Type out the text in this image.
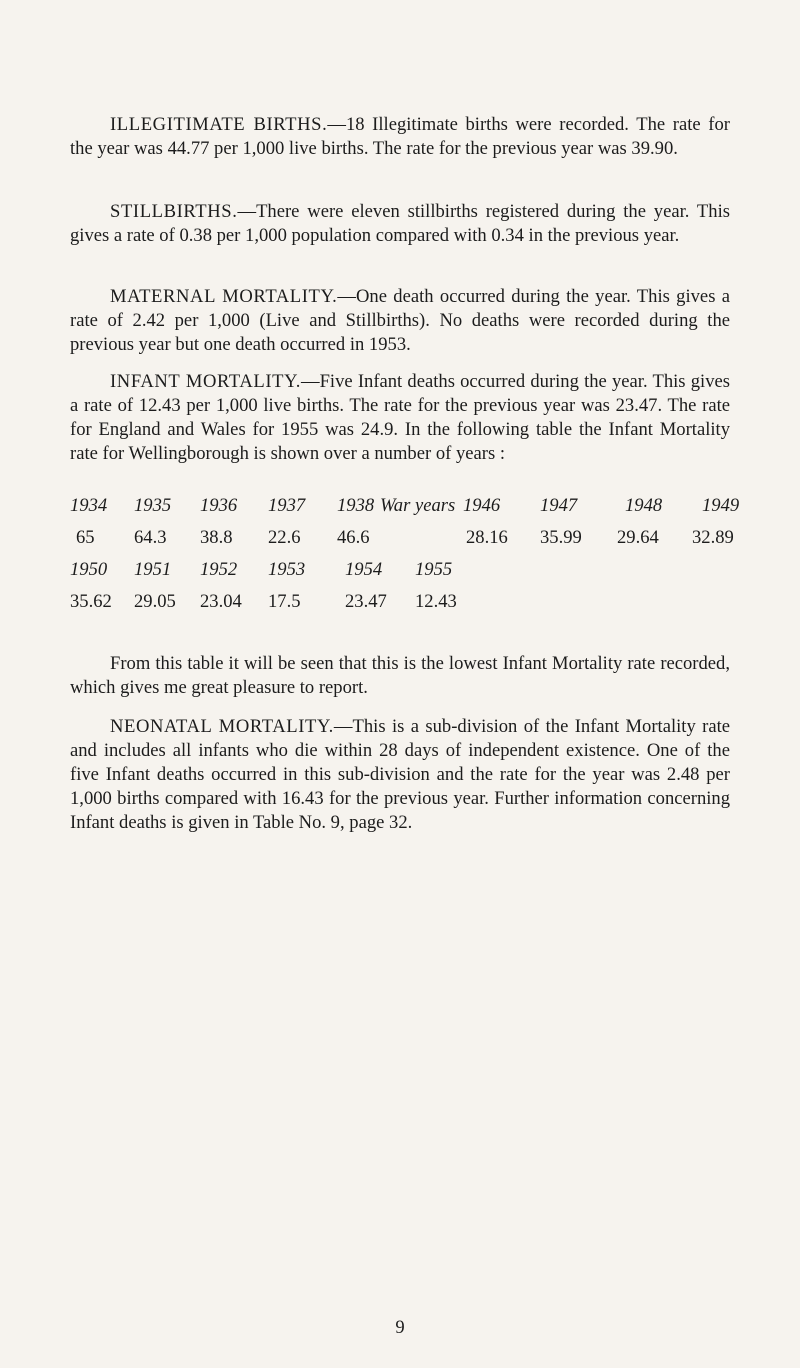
ILLEGITIMATE BIRTHS.—18 Illegitimate births were recorded. The rate for the year was 44.77 per 1,000 live births. The rate for the previous year was 39.90.

STILLBIRTHS.—There were eleven stillbirths registered during the year. This gives a rate of 0.38 per 1,000 population compared with 0.34 in the previous year.

MATERNAL MORTALITY.—One death occurred during the year. This gives a rate of 2.42 per 1,000 (Live and Stillbirths). No deaths were recorded during the previous year but one death occurred in 1953.

INFANT MORTALITY.—Five Infant deaths occurred during the year. This gives a rate of 12.43 per 1,000 live births. The rate for the previous year was 23.47. The rate for England and Wales for 1955 was 24.9. In the following table the Infant Mortality rate for Wellingborough is shown over a number of years :

1934 1935 1936 1937 1938 War years 1946 1947	1948 1949
65 64.3 38.8 22.6 46.6	28.16 35.99 29.64 32.89
1950 1951 1952 1953 1954 1955
35.62 29.05 23.04 17.5 23.47 12.43

From this table it will be seen that this is the lowest Infant Mortality rate recorded, which gives me great pleasure to report.

NEONATAL MORTALITY.—This is a sub-division of the Infant Mortality rate and includes all infants who die within 28 days of independent existence. One of the five Infant deaths occurred in this sub-division and the rate for the year was 2.48 per 1,000 births compared with 16.43 for the previous year. Further information concerning Infant deaths is given in Table No. 9, page 32.

9
